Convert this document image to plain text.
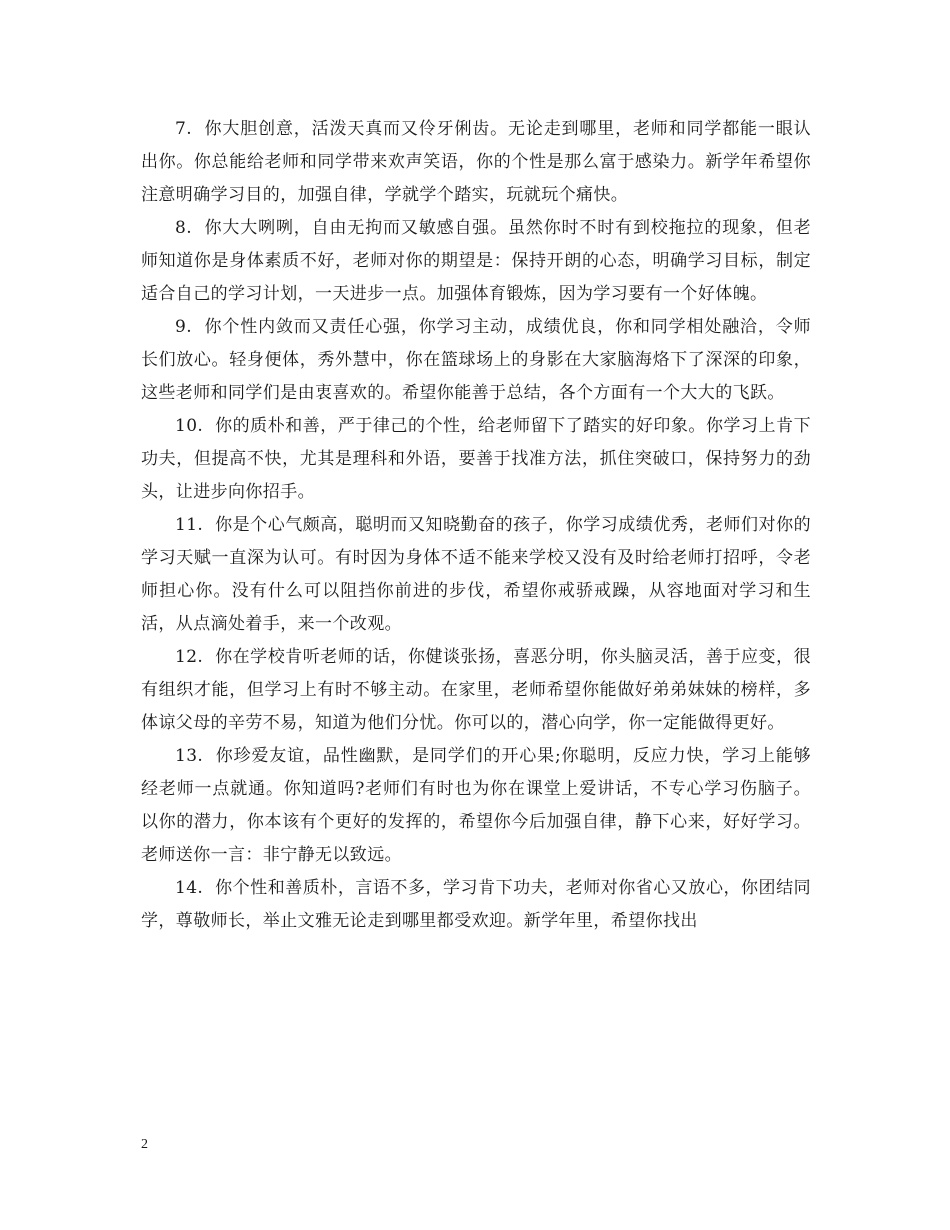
7. 你大胆创意，活泼天真而又伶牙俐齿。无论走到哪里，老师和同学都能一眼认出你。你总能给老师和同学带来欢声笑语，你的个性是那么富于感染力。新学年希望你注意明确学习目的，加强自律，学就学个踏实，玩就玩个痛快。

8. 你大大咧咧，自由无拘而又敏感自强。虽然你时不时有到校拖拉的现象，但老师知道你是身体素质不好，老师对你的期望是：保持开朗的心态，明确学习目标，制定适合自己的学习计划，一天进步一点。加强体育锻炼，因为学习要有一个好体魄。

9. 你个性内敛而又责任心强，你学习主动，成绩优良，你和同学相处融洽，令师长们放心。轻身便体，秀外慧中，你在篮球场上的身影在大家脑海烙下了深深的印象，这些老师和同学们是由衷喜欢的。希望你能善于总结，各个方面有一个大大的飞跃。

10. 你的质朴和善，严于律己的个性，给老师留下了踏实的好印象。你学习上肯下功夫，但提高不快，尤其是理科和外语，要善于找准方法，抓住突破口，保持努力的劲头，让进步向你招手。

11. 你是个心气颇高，聪明而又知晓勤奋的孩子，你学习成绩优秀，老师们对你的学习天赋一直深为认可。有时因为身体不适不能来学校又没有及时给老师打招呼，令老师担心你。没有什么可以阻挡你前进的步伐，希望你戒骄戒躁，从容地面对学习和生活，从点滴处着手，来一个改观。

12. 你在学校肯听老师的话，你健谈张扬，喜恶分明，你头脑灵活，善于应变，很有组织才能，但学习上有时不够主动。在家里，老师希望你能做好弟弟妹妹的榜样，多体谅父母的辛劳不易，知道为他们分忧。你可以的，潜心向学，你一定能做得更好。

13. 你珍爱友谊，品性幽默，是同学们的开心果;你聪明，反应力快，学习上能够经老师一点就通。你知道吗?老师们有时也为你在课堂上爱讲话，不专心学习伤脑子。以你的潜力，你本该有个更好的发挥的，希望你今后加强自律，静下心来，好好学习。老师送你一言：非宁静无以致远。

14. 你个性和善质朴，言语不多，学习肯下功夫，老师对你省心又放心，你团结同学，尊敬师长，举止文雅无论走到哪里都受欢迎。新学年里，希望你找出

2
